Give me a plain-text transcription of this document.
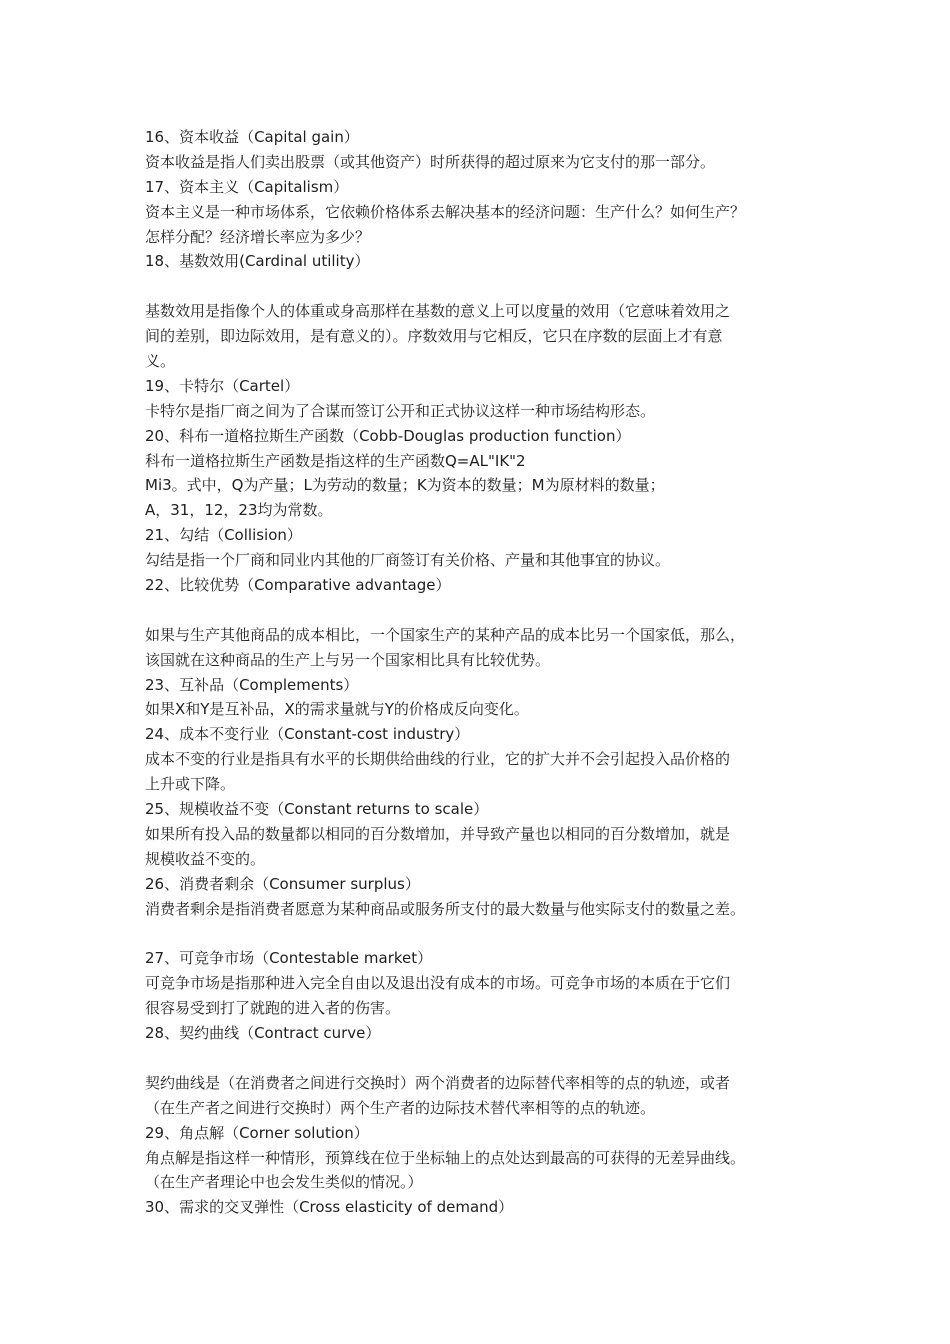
16、资本收益（Capital gain）
资本收益是指人们卖出股票（或其他资产）时所获得的超过原来为它支付的那一部分。
17、资本主义（Capitalism）
资本主义是一种市场体系，它依赖价格体系去解决基本的经济问题：生产什么？如何生产？
怎样分配？经济增长率应为多少？
18、基数效用(Cardinal utility）
基数效用是指像个人的体重或身高那样在基数的意义上可以度量的效用（它意味着效用之
间的差别，即边际效用，是有意义的）。序数效用与它相反，它只在序数的层面上才有意
义。
19、卡特尔（Cartel）
卡特尔是指厂商之间为了合谋而签订公开和正式协议这样一种市场结构形态。
20、科布一道格拉斯生产函数（Cobb-Douglas production function）
科布一道格拉斯生产函数是指这样的生产函数Q=AL"IK"2
Mi3。式中，Q为产量；L为劳动的数量；K为资本的数量；M为原材料的数量；
A，31，12，23均为常数。
21、勾结（Collision）
勾结是指一个厂商和同业内其他的厂商签订有关价格、产量和其他事宜的协议。
22、比较优势（Comparative advantage）
如果与生产其他商品的成本相比，一个国家生产的某种产品的成本比另一个国家低，那么，
该国就在这种商品的生产上与另一个国家相比具有比较优势。
23、互补品（Complements）
如果X和Y是互补品，X的需求量就与Y的价格成反向变化。
24、成本不变行业（Constant-cost industry）
成本不变的行业是指具有水平的长期供给曲线的行业，它的扩大并不会引起投入品价格的
上升或下降。
25、规模收益不变（Constant returns to scale）
如果所有投入品的数量都以相同的百分数增加，并导致产量也以相同的百分数增加，就是
规模收益不变的。
26、消费者剩余（Consumer surplus）
消费者剩余是指消费者愿意为某种商品或服务所支付的最大数量与他实际支付的数量之差。
27、可竞争市场（Contestable market）
可竞争市场是指那种进入完全自由以及退出没有成本的市场。可竞争市场的本质在于它们
很容易受到打了就跑的进入者的伤害。
28、契约曲线（Contract curve）
契约曲线是（在消费者之间进行交换时）两个消费者的边际替代率相等的点的轨迹，或者
（在生产者之间进行交换时）两个生产者的边际技术替代率相等的点的轨迹。
29、角点解（Corner solution）
角点解是指这样一种情形，预算线在位于坐标轴上的点处达到最高的可获得的无差异曲线。
（在生产者理论中也会发生类似的情况。）
30、需求的交叉弹性（Cross elasticity of demand）
